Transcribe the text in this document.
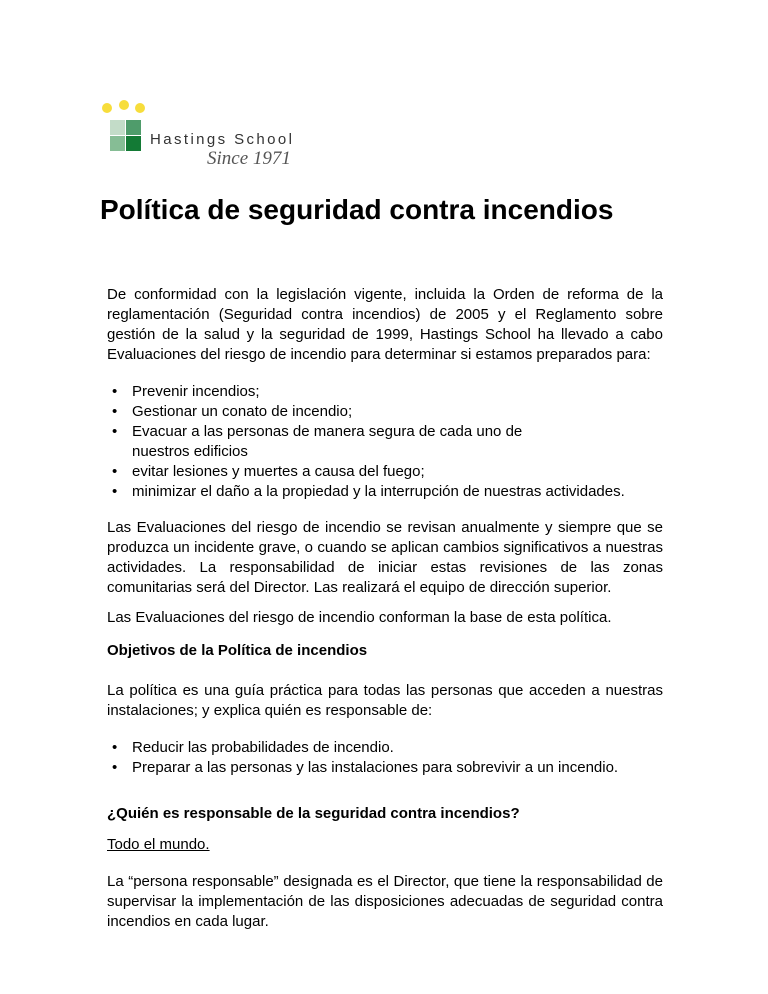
Hastings School
Since 1971
Política de seguridad contra incendios

De conformidad con la legislación vigente, incluida la Orden de reforma de la reglamentación (Seguridad contra incendios) de 2005 y el Reglamento sobre gestión de la salud y la seguridad de 1999, Hastings School ha llevado a cabo Evaluaciones del riesgo de incendio para determinar si estamos preparados para:

• Prevenir incendios;
• Gestionar un conato de incendio;
• Evacuar a las personas de manera segura de cada uno de nuestros edificios
• evitar lesiones y muertes a causa del fuego;
• minimizar el daño a la propiedad y la interrupción de nuestras actividades.

Las Evaluaciones del riesgo de incendio se revisan anualmente y siempre que se produzca un incidente grave, o cuando se aplican cambios significativos a nuestras actividades. La responsabilidad de iniciar estas revisiones de las zonas comunitarias será del Director. Las realizará el equipo de dirección superior.

Las Evaluaciones del riesgo de incendio conforman la base de esta política.

Objetivos de la Política de incendios

La política es una guía práctica para todas las personas que acceden a nuestras instalaciones; y explica quién es responsable de:

• Reducir las probabilidades de incendio.
• Preparar a las personas y las instalaciones para sobrevivir a un incendio.

¿Quién es responsable de la seguridad contra incendios?

Todo el mundo.

La “persona responsable” designada es el Director, que tiene la responsabilidad de supervisar la implementación de las disposiciones adecuadas de seguridad contra incendios en cada lugar.
